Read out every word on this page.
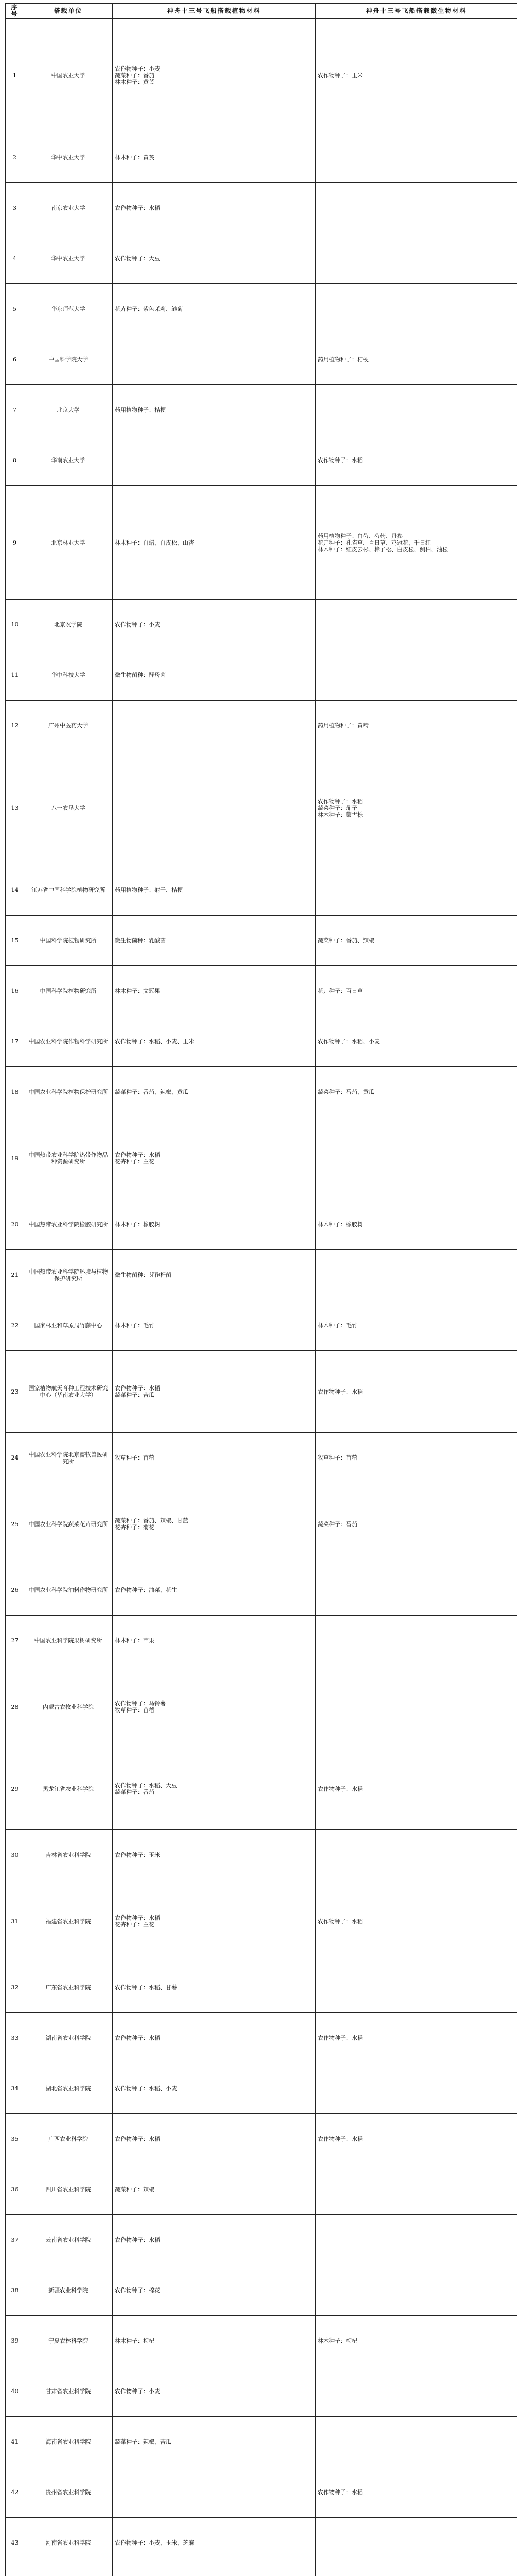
序号	搭载单位	神舟十三号飞船搭载植物材料	神舟十三号飞船搭载微生物材料
1	中国农业大学	农作物种子：小麦
蔬菜种子：番茄
林木种子：黄芪	农作物种子：玉米

2	华中农业大学	林木种子：黄芪	

3	南京农业大学	农作物种子：水稻	

4	华中农业大学	农作物种子：大豆	

5	华东师范大学	花卉种子：紫色茉莉、雏菊	

6	中国科学院大学		药用植物种子：桔梗

7	北京大学	药用植物种子：桔梗	

8	华南农业大学		农作物种子：水稻

9	北京林业大学	林木种子：白蜡、白皮松、山杏	药用植物种子：白芍、芍药、丹参
花卉种子：孔雀草、百日草、鸡冠花、千日红
林木种子：红皮云杉、樟子松、白皮松、侧柏、油松

10	北京农学院	农作物种子：小麦	

11	华中科技大学	微生物菌种：酵母菌	

12	广州中医药大学		药用植物种子：黄精

13	八一农垦大学		农作物种子：水稻
蔬菜种子：茄子
林木种子：蒙古栎

14	江苏省中国科学院植物研究所	药用植物种子：射干、桔梗	

15	中国科学院植物研究所	微生物菌种：乳酸菌	蔬菜种子：番茄、辣椒

16	中国科学院植物研究所	林木种子：文冠果	花卉种子：百日草

17	中国农业科学院作物科学研究所	农作物种子：水稻、小麦、玉米	农作物种子：水稻、小麦

18	中国农业科学院植物保护研究所	蔬菜种子：番茄、辣椒、黄瓜	蔬菜种子：番茄、黄瓜

19	中国热带农业科学院热带作物品种资源研究所	农作物种子：水稻
花卉种子：兰花	

20	中国热带农业科学院橡胶研究所	林木种子：橡胶树	林木种子：橡胶树

21	中国热带农业科学院环境与植物保护研究所	微生物菌种：芽孢杆菌	

22	国家林业和草原局竹藤中心	林木种子：毛竹	林木种子：毛竹

23	国家植物航天育种工程技术研究中心（华南农业大学）	农作物种子：水稻
蔬菜种子：苦瓜	农作物种子：水稻

24	中国农业科学院北京畜牧兽医研究所	牧草种子：苜蓿	牧草种子：苜蓿

25	中国农业科学院蔬菜花卉研究所	蔬菜种子：番茄、辣椒、甘蓝
花卉种子：菊花	蔬菜种子：番茄

26	中国农业科学院油料作物研究所	农作物种子：油菜、花生	

27	中国农业科学院果树研究所	林木种子：苹果	

28	内蒙古农牧业科学院	农作物种子：马铃薯
牧草种子：苜蓿	

29	黑龙江省农业科学院	农作物种子：水稻、大豆
蔬菜种子：番茄	农作物种子：水稻

30	吉林省农业科学院	农作物种子：玉米	

31	福建省农业科学院	农作物种子：水稻
花卉种子：兰花	农作物种子：水稻

32	广东省农业科学院	农作物种子：水稻、甘薯	

33	湖南省农业科学院	农作物种子：水稻	农作物种子：水稻

34	湖北省农业科学院	农作物种子：水稻、小麦	

35	广西农业科学院	农作物种子：水稻	农作物种子：水稻

36	四川省农业科学院	蔬菜种子：辣椒	

37	云南省农业科学院	农作物种子：水稻	

38	新疆农业科学院	农作物种子：棉花	

39	宁夏农林科学院	林木种子：枸杞	林木种子：枸杞

40	甘肃省农业科学院	农作物种子：小麦	

41	海南省农业科学院	蔬菜种子：辣椒、苦瓜	

42	贵州省农业科学院		农作物种子：水稻

43	河南省农业科学院	农作物种子：小麦、玉米、芝麻	
